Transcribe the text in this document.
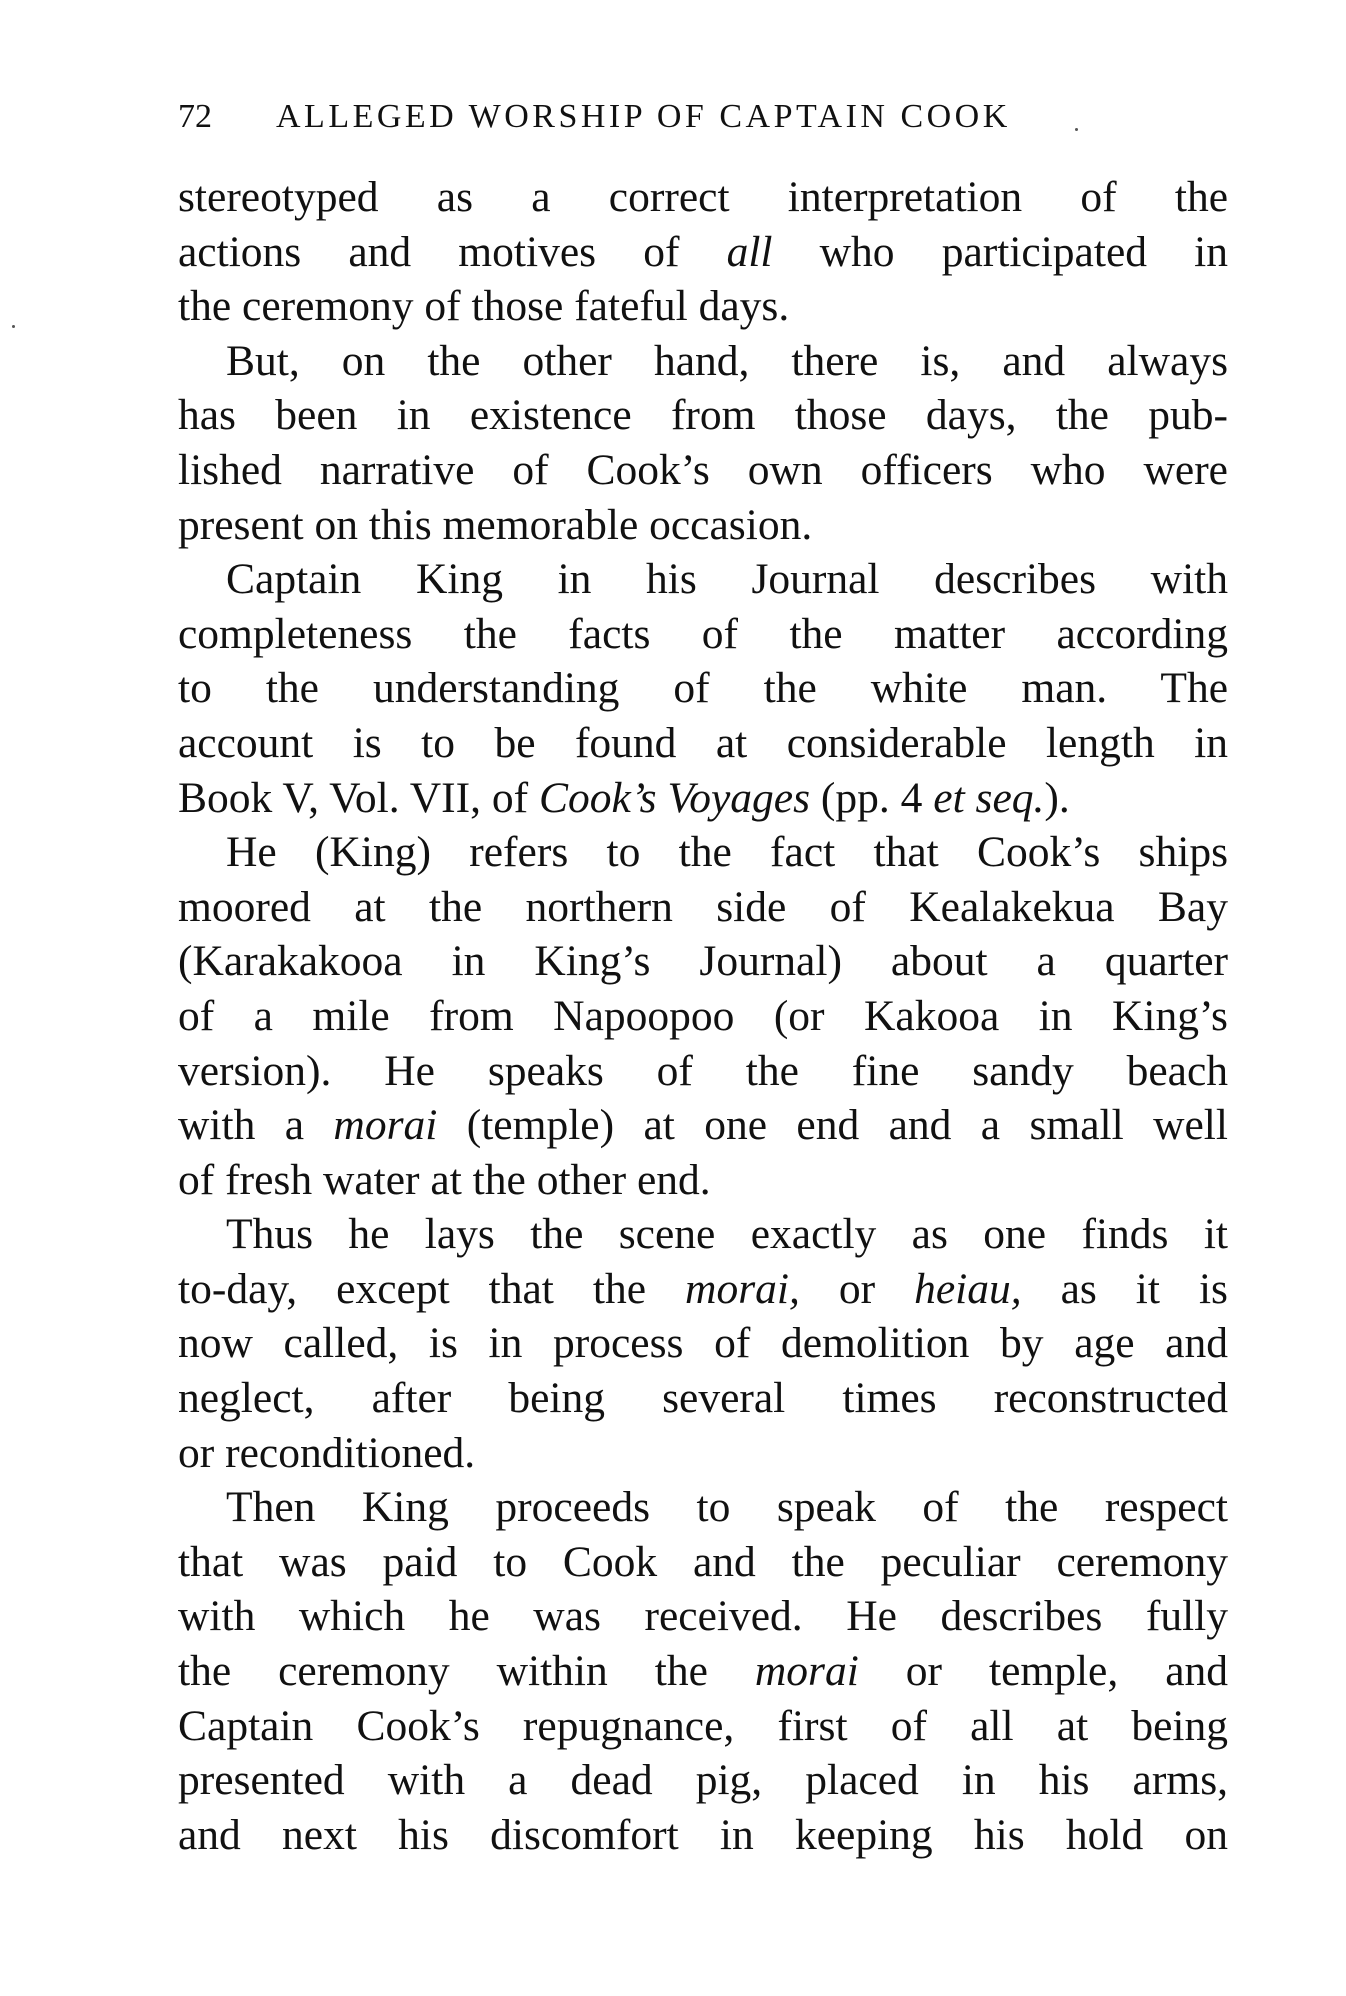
72 ALLEGED WORSHIP OF CAPTAIN COOK
stereotyped as a correct interpretation of the
actions and motives of all who participated in
the ceremony of those fateful days.
But, on the other hand, there is, and always
has been in existence from those days, the pub-
lished narrative of Cook’s own officers who were
present on this memorable occasion.
Captain King in his Journal describes with
completeness the facts of the matter according
to the understanding of the white man. The
account is to be found at considerable length in
Book V, Vol. VII, of Cook’s Voyages (pp. 4 et seq.).
He (King) refers to the fact that Cook’s ships
moored at the northern side of Kealakekua Bay
(Karakakooa in King’s Journal) about a quarter
of a mile from Napoopoo (or Kakooa in King’s
version). He speaks of the fine sandy beach
with a morai (temple) at one end and a small well
of fresh water at the other end.
Thus he lays the scene exactly as one finds it
to-day, except that the morai, or heiau, as it is
now called, is in process of demolition by age and
neglect, after being several times reconstructed
or reconditioned.
Then King proceeds to speak of the respect
that was paid to Cook and the peculiar ceremony
with which he was received. He describes fully
the ceremony within the morai or temple, and
Captain Cook’s repugnance, first of all at being
presented with a dead pig, placed in his arms,
and next his discomfort in keeping his hold on
